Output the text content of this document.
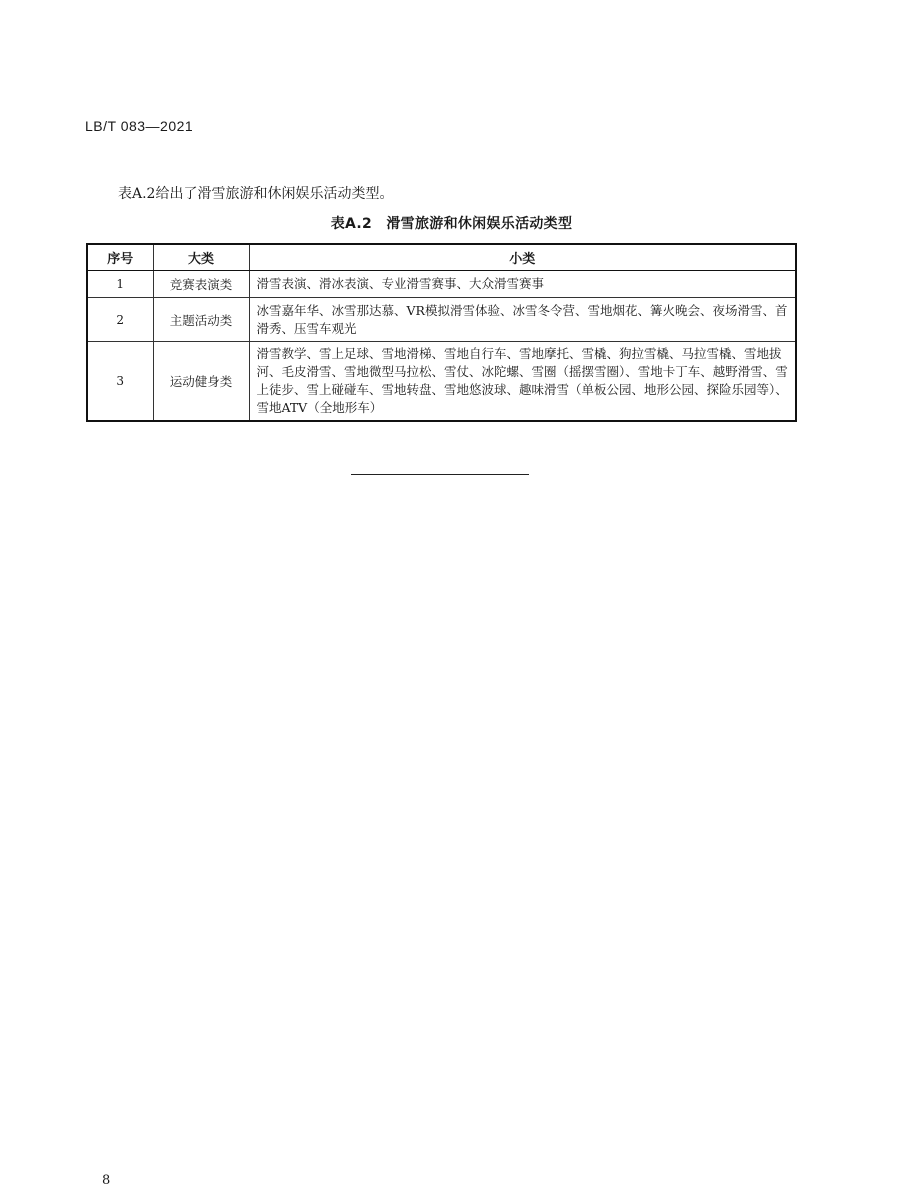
LB/T 083—2021
表A.2给出了滑雪旅游和休闲娱乐活动类型。
表A.2　滑雪旅游和休闲娱乐活动类型
序号	大类	小类
1	竞赛表演类	滑雪表演、滑冰表演、专业滑雪赛事、大众滑雪赛事
2	主题活动类	冰雪嘉年华、冰雪那达慕、VR模拟滑雪体验、冰雪冬令营、雪地烟花、篝火晚会、夜场滑雪、首滑秀、压雪车观光
3	运动健身类	滑雪教学、雪上足球、雪地滑梯、雪地自行车、雪地摩托、雪橇、狗拉雪橇、马拉雪橇、雪地拔河、毛皮滑雪、雪地微型马拉松、雪仗、冰陀螺、雪圈（摇摆雪圈）、雪地卡丁车、越野滑雪、雪上徒步、雪上碰碰车、雪地转盘、雪地悠波球、趣味滑雪（单板公园、地形公园、探险乐园等）、雪地ATV（全地形车）
8
